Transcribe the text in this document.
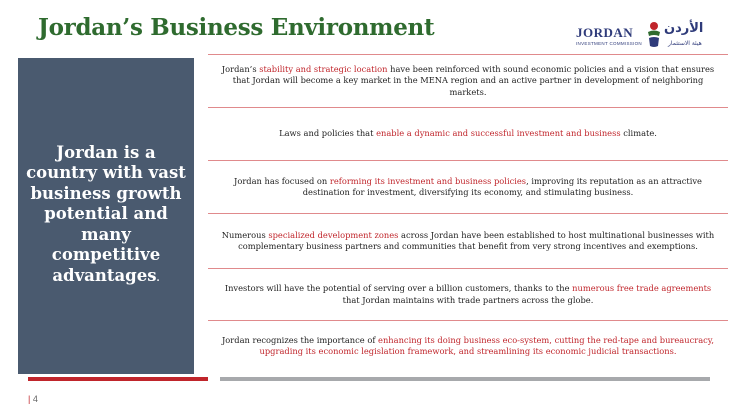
Jordan’s Business Environment	JORDAN
INVESTMENT COMMISSION
الأردن
هيئة الاستثمار
Jordan is a country with vast business growth potential and many competitive advantages.
Jordan’s stability and strategic location have been reinforced with sound economic policies and a vision that ensures that Jordan will become a key market in the MENA region and an active partner in development of neighboring markets.
Laws and policies that enable a dynamic and successful investment and business climate.
Jordan has focused on reforming its investment and business policies, improving its reputation as an attractive destination for investment, diversifying its economy, and stimulating business.
Numerous specialized development zones across Jordan have been established to host multinational businesses with complementary business partners and communities that benefit from very strong incentives and exemptions.
Investors will have the potential of serving over a billion customers, thanks to the numerous free trade agreements that Jordan maintains with trade partners across the globe.
Jordan recognizes the importance of enhancing its doing business eco-system, cutting the red-tape and bureaucracy, upgrading its economic legislation framework, and streamlining its economic judicial transactions.
| 4
